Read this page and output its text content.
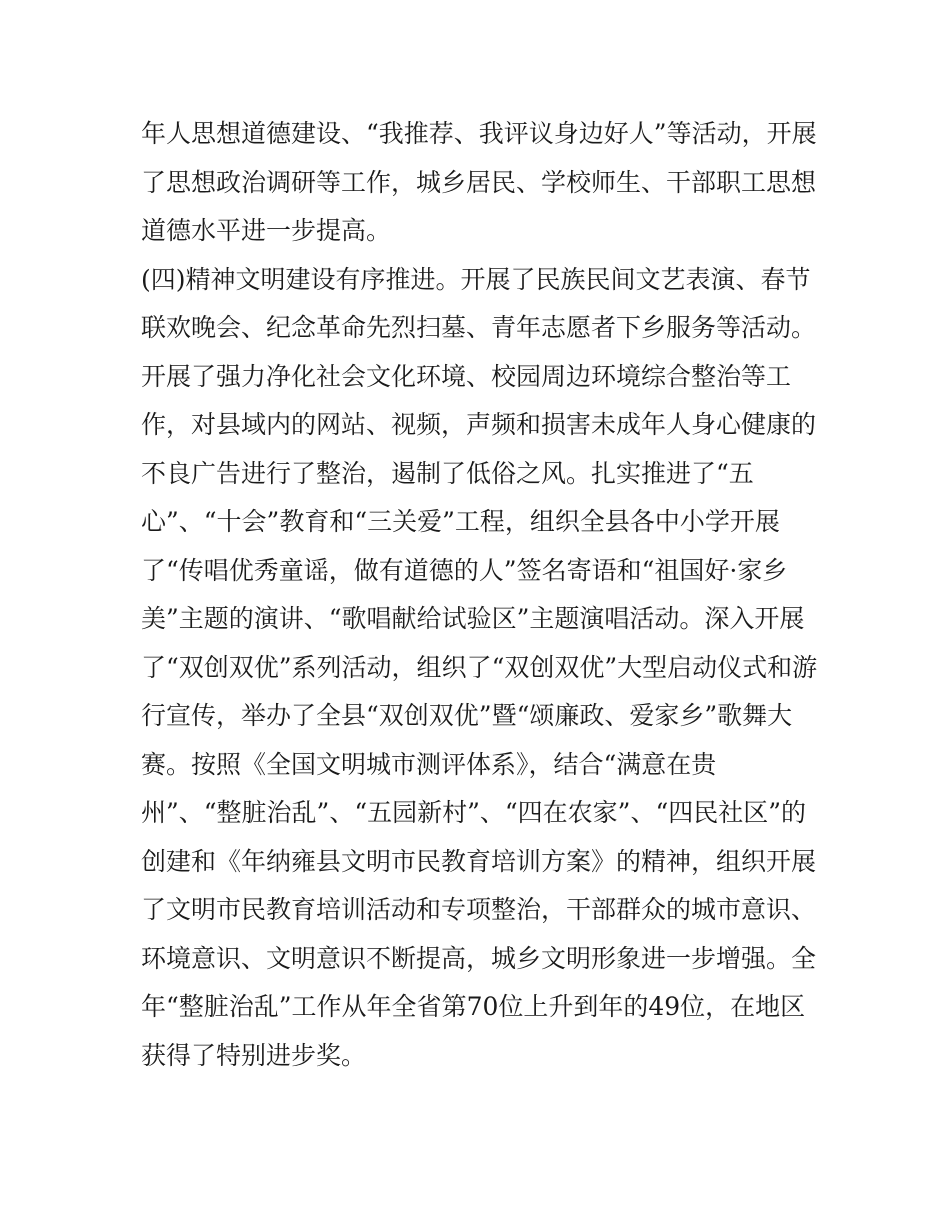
年人思想道德建设、“我推荐、我评议身边好人”等活动，开展
了思想政治调研等工作，城乡居民、学校师生、干部职工思想
道德水平进一步提高。
(四)精神文明建设有序推进。开展了民族民间文艺表演、春节
联欢晚会、纪念革命先烈扫墓、青年志愿者下乡服务等活动。
开展了强力净化社会文化环境、校园周边环境综合整治等工
作，对县域内的网站、视频，声频和损害未成年人身心健康的
不良广告进行了整治，遏制了低俗之风。扎实推进了“五
心”、“十会”教育和“三关爱”工程，组织全县各中小学开展
了“传唱优秀童谣，做有道德的人”签名寄语和“祖国好·家乡
美”主题的演讲、“歌唱献给试验区”主题演唱活动。深入开展
了“双创双优”系列活动，组织了“双创双优”大型启动仪式和游
行宣传，举办了全县“双创双优”暨“颂廉政、爱家乡”歌舞大
赛。按照《全国文明城市测评体系》，结合“满意在贵
州”、“整脏治乱”、“五园新村”、“四在农家”、“四民社区”的
创建和《年纳雍县文明市民教育培训方案》的精神，组织开展
了文明市民教育培训活动和专项整治，干部群众的城市意识、
环境意识、文明意识不断提高，城乡文明形象进一步增强。全
年“整脏治乱”工作从年全省第70位上升到年的49位，在地区
获得了特别进步奖。
